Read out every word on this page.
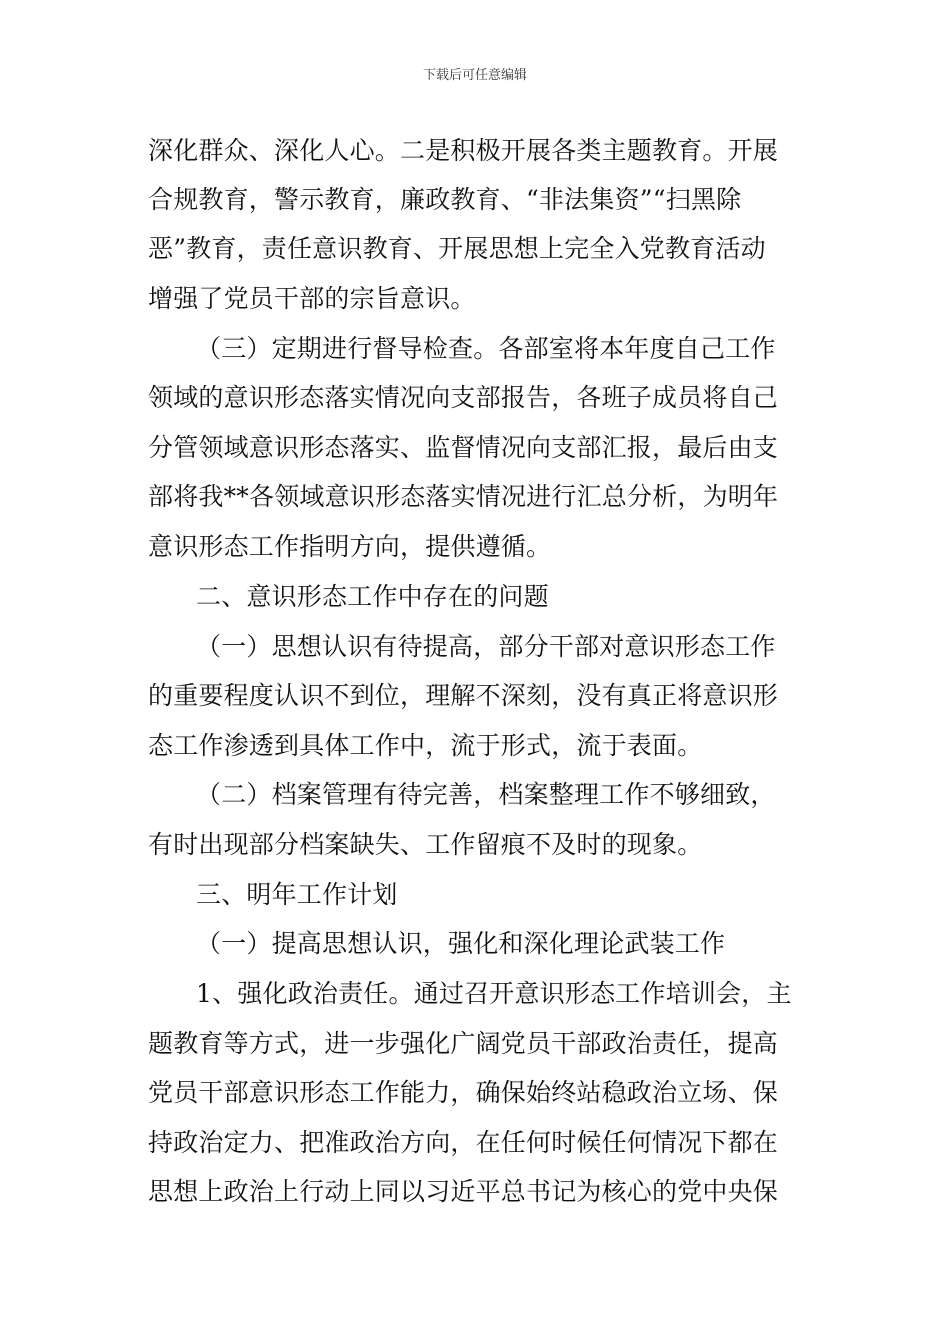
下载后可任意编辑
深化群众、深化人心。二是积极开展各类主题教育。开展
合规教育，警示教育，廉政教育、“非法集资”“扫黑除
恶”教育，责任意识教育、开展思想上完全入党教育活动
增强了党员干部的宗旨意识。
（三）定期进行督导检查。各部室将本年度自己工作
领域的意识形态落实情况向支部报告，各班子成员将自己
分管领域意识形态落实、监督情况向支部汇报，最后由支
部将我**各领域意识形态落实情况进行汇总分析，为明年
意识形态工作指明方向，提供遵循。
二、意识形态工作中存在的问题
（一）思想认识有待提高，部分干部对意识形态工作
的重要程度认识不到位，理解不深刻，没有真正将意识形
态工作渗透到具体工作中，流于形式，流于表面。
（二）档案管理有待完善，档案整理工作不够细致，
有时出现部分档案缺失、工作留痕不及时的现象。
三、明年工作计划
（一）提高思想认识，强化和深化理论武装工作
1、强化政治责任。通过召开意识形态工作培训会，主
题教育等方式，进一步强化广阔党员干部政治责任，提高
党员干部意识形态工作能力，确保始终站稳政治立场、保
持政治定力、把准政治方向，在任何时候任何情况下都在
思想上政治上行动上同以习近平总书记为核心的党中央保
